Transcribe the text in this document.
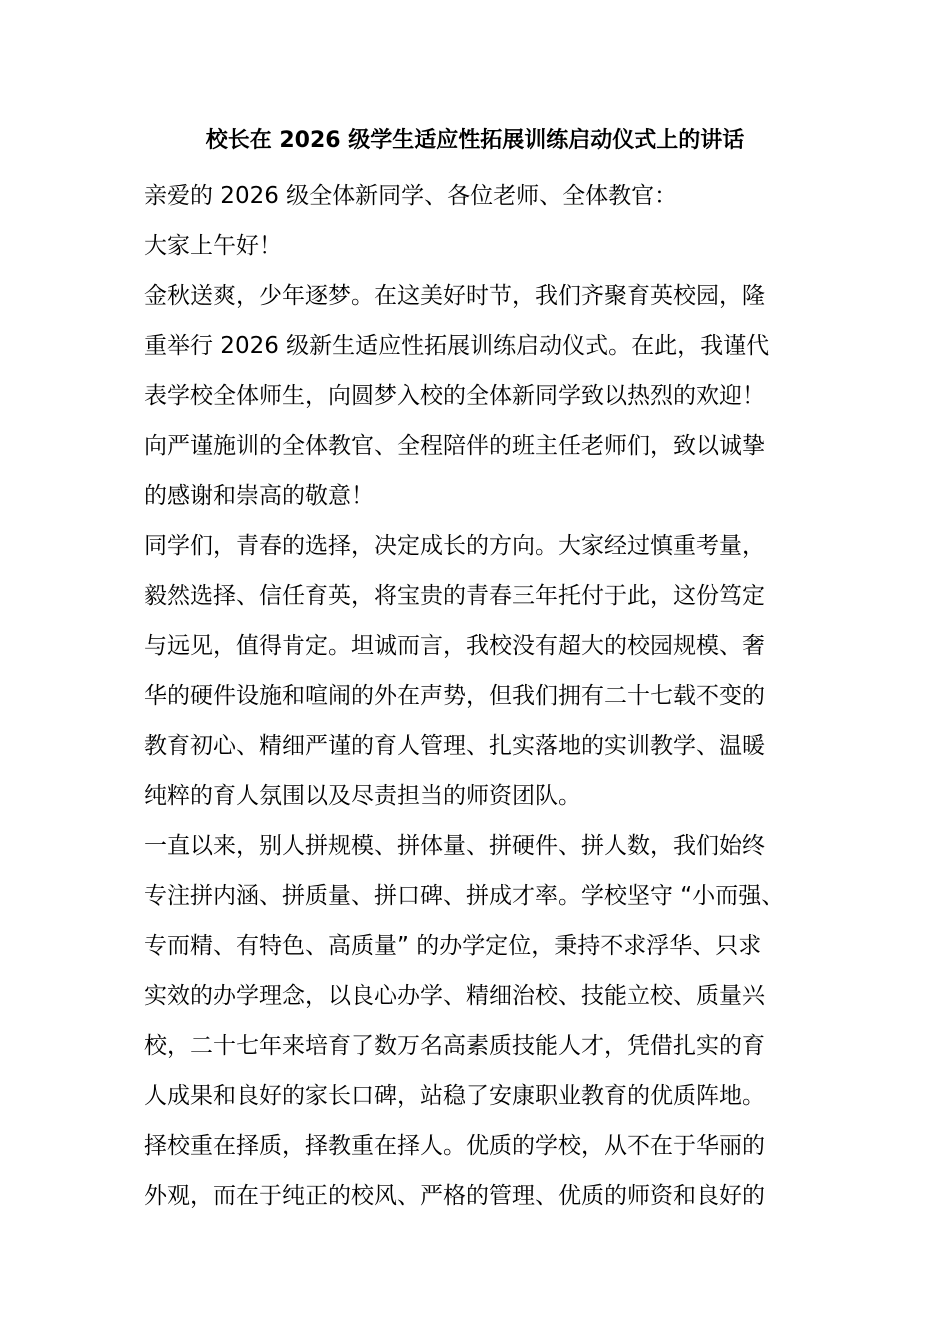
校长在 2026 级学生适应性拓展训练启动仪式上的讲话
亲爱的 2026 级全体新同学、各位老师、全体教官：
大家上午好！
金秋送爽，少年逐梦。在这美好时节，我们齐聚育英校园，隆
重举行 2026 级新生适应性拓展训练启动仪式。在此，我谨代
表学校全体师生，向圆梦入校的全体新同学致以热烈的欢迎！
向严谨施训的全体教官、全程陪伴的班主任老师们，致以诚挚
的感谢和崇高的敬意！
同学们，青春的选择，决定成长的方向。大家经过慎重考量，
毅然选择、信任育英，将宝贵的青春三年托付于此，这份笃定
与远见，值得肯定。坦诚而言，我校没有超大的校园规模、奢
华的硬件设施和喧闹的外在声势，但我们拥有二十七载不变的
教育初心、精细严谨的育人管理、扎实落地的实训教学、温暖
纯粹的育人氛围以及尽责担当的师资团队。
一直以来，别人拼规模、拼体量、拼硬件、拼人数，我们始终
专注拼内涵、拼质量、拼口碑、拼成才率。学校坚守 “小而强、
专而精、有特色、高质量” 的办学定位，秉持不求浮华、只求
实效的办学理念，以良心办学、精细治校、技能立校、质量兴
校，二十七年来培育了数万名高素质技能人才，凭借扎实的育
人成果和良好的家长口碑，站稳了安康职业教育的优质阵地。
择校重在择质，择教重在择人。优质的学校，从不在于华丽的
外观，而在于纯正的校风、严格的管理、优质的师资和良好的
